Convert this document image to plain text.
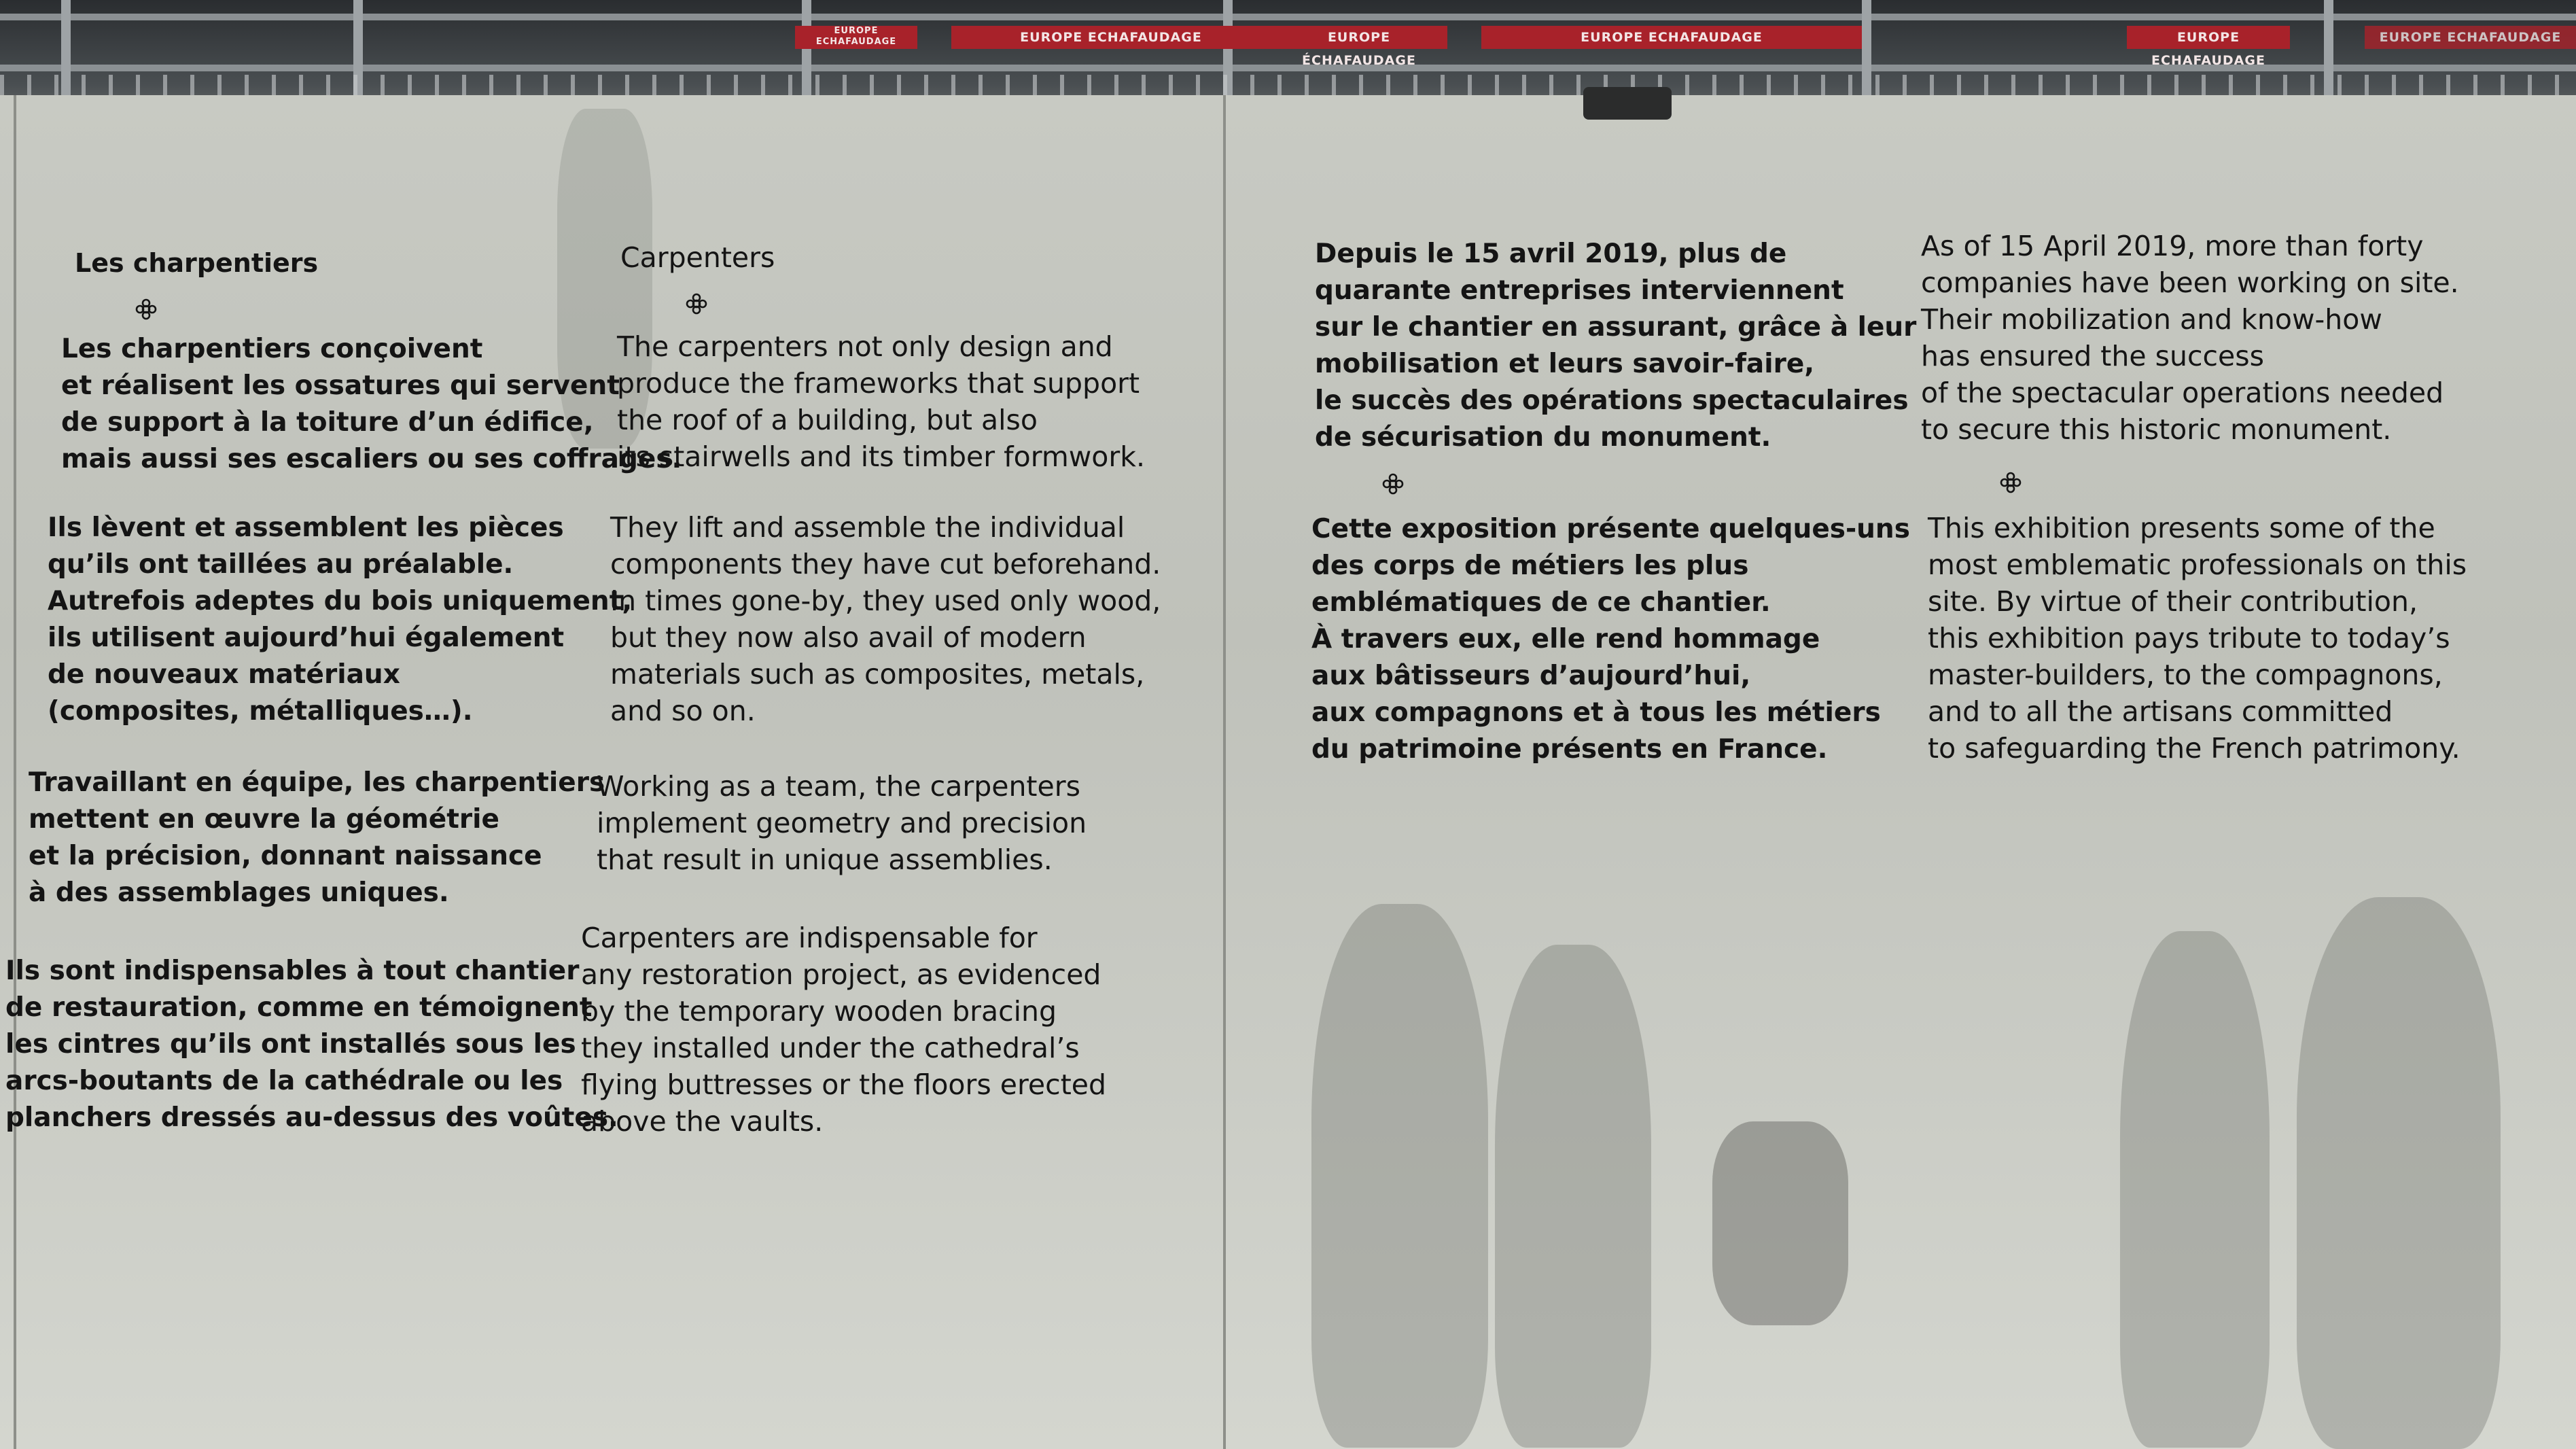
EUROPE ECHAFAUDAGE	EUROPE ECHAFAUDAGE	EUROPE ÉCHAFAUDAGE
EUROPE ECHAFAUDAGE	EUROPE ECHAFAUDAGE
EUROPE ECHAFAUDAGE
Les charpentiers
Les charpentiers conçoivent
et réalisent les ossatures qui servent
de support à la toiture d’un édifice,
mais aussi ses escaliers ou ses coffrages.
Ils lèvent et assemblent les pièces
qu’ils ont taillées au préalable.
Autrefois adeptes du bois uniquement,
ils utilisent aujourd’hui également
de nouveaux matériaux
(composites, métalliques…).
Travaillant en équipe, les charpentiers
mettent en œuvre la géométrie
et la précision, donnant naissance
à des assemblages uniques.
Ils sont indispensables à tout chantier
de restauration, comme en témoignent
les cintres qu’ils ont installés sous les
arcs-boutants de la cathédrale ou les
planchers dressés au-dessus des voûtes.
Carpenters
The carpenters not only design and
produce the frameworks that support
the roof of a building, but also
its stairwells and its timber formwork.
They lift and assemble the individual
components they have cut beforehand.
In times gone-by, they used only wood,
but they now also avail of modern
materials such as composites, metals,
and so on.
Working as a team, the carpenters
implement geometry and precision
that result in unique assemblies.
Carpenters are indispensable for
any restoration project, as evidenced
by the temporary wooden bracing
they installed under the cathedral’s
flying buttresses or the floors erected
above the vaults.
Depuis le 15 avril 2019, plus de
quarante entreprises interviennent
sur le chantier en assurant, grâce à leur
mobilisation et leurs savoir-faire,
le succès des opérations spectaculaires
de sécurisation du monument.
Cette exposition présente quelques-uns
des corps de métiers les plus
emblématiques de ce chantier.
À travers eux, elle rend hommage
aux bâtisseurs d’aujourd’hui,
aux compagnons et à tous les métiers
du patrimoine présents en France.
As of 15 April 2019, more than forty
companies have been working on site.
Their mobilization and know-how
has ensured the success
of the spectacular operations needed
to secure this historic monument.
This exhibition presents some of the
most emblematic professionals on this
site. By virtue of their contribution,
this exhibition pays tribute to today’s
master-builders, to the compagnons,
and to all the artisans committed
to safeguarding the French patrimony.
